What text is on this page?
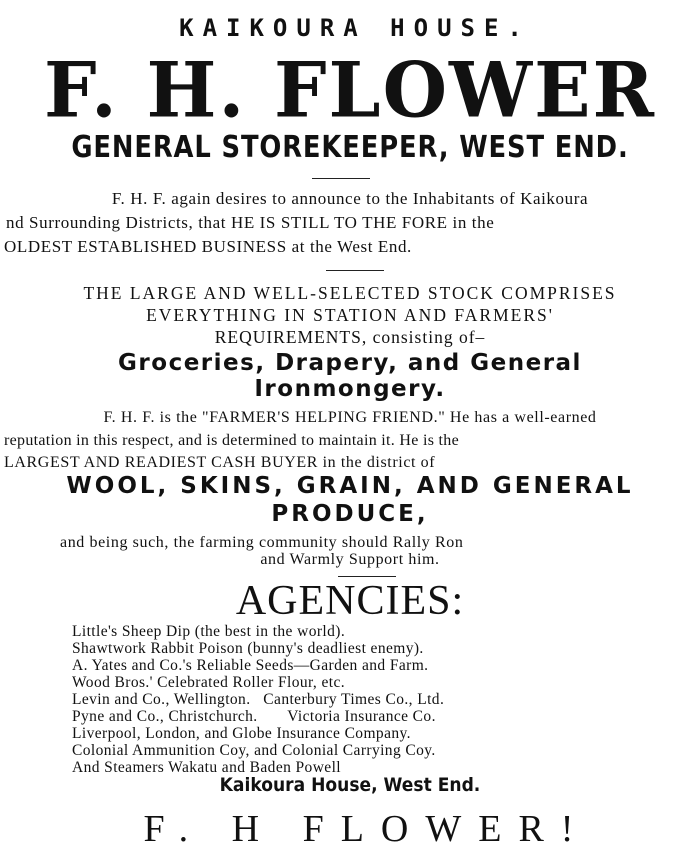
KAIKOURA HOUSE.
F. H. FLOWER
GENERAL STOREKEEPER, WEST END.
F. H. F. again desires to announce to the Inhabitants of Kaikoura
nd Surrounding Districts, that HE IS STILL TO THE FORE in the
OLDEST ESTABLISHED BUSINESS at the West End.
THE LARGE AND WELL-SELECTED STOCK COMPRISES
EVERYTHING IN STATION AND FARMERS'
REQUIREMENTS, consisting of–
Groceries, Drapery, and General
Ironmongery.
F. H. F. is the "FARMER'S HELPING FRIEND." He has a well-earned
reputation in this respect, and is determined to maintain it. He is the
LARGEST AND READIEST CASH BUYER in the district of
WOOL, SKINS, GRAIN, AND GENERAL
PRODUCE,
and being such, the farming community should Rally Ron
and Warmly Support him.
AGENCIES:
Little's Sheep Dip (the best in the world).
Shawtwork Rabbit Poison (bunny's deadliest enemy).
A. Yates and Co.'s Reliable Seeds—Garden and Farm.
Wood Bros.' Celebrated Roller Flour, etc.
Levin and Co., Wellington.   Canterbury Times Co., Ltd.
Pyne and Co., Christchurch.       Victoria Insurance Co.
Liverpool, London, and Globe Insurance Company.
Colonial Ammunition Coy, and Colonial Carrying Coy.
And Steamers Wakatu and Baden Powell
Kaikoura House, West End.
F. H FLOWER!
